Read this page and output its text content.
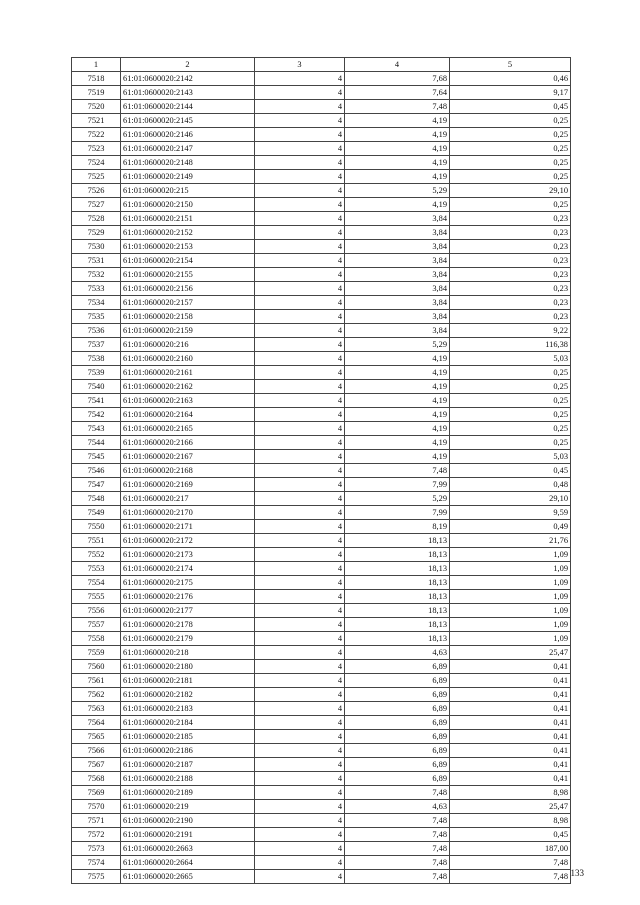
1	2	3	4	5
7518	61:01:0600020:2142	4	7,68	0,46
7519	61:01:0600020:2143	4	7,64	9,17
7520	61:01:0600020:2144	4	7,48	0,45
7521	61:01:0600020:2145	4	4,19	0,25
7522	61:01:0600020:2146	4	4,19	0,25
7523	61:01:0600020:2147	4	4,19	0,25
7524	61:01:0600020:2148	4	4,19	0,25
7525	61:01:0600020:2149	4	4,19	0,25
7526	61:01:0600020:215	4	5,29	29,10
7527	61:01:0600020:2150	4	4,19	0,25
7528	61:01:0600020:2151	4	3,84	0,23
7529	61:01:0600020:2152	4	3,84	0,23
7530	61:01:0600020:2153	4	3,84	0,23
7531	61:01:0600020:2154	4	3,84	0,23
7532	61:01:0600020:2155	4	3,84	0,23
7533	61:01:0600020:2156	4	3,84	0,23
7534	61:01:0600020:2157	4	3,84	0,23
7535	61:01:0600020:2158	4	3,84	0,23
7536	61:01:0600020:2159	4	3,84	9,22
7537	61:01:0600020:216	4	5,29	116,38
7538	61:01:0600020:2160	4	4,19	5,03
7539	61:01:0600020:2161	4	4,19	0,25
7540	61:01:0600020:2162	4	4,19	0,25
7541	61:01:0600020:2163	4	4,19	0,25
7542	61:01:0600020:2164	4	4,19	0,25
7543	61:01:0600020:2165	4	4,19	0,25
7544	61:01:0600020:2166	4	4,19	0,25
7545	61:01:0600020:2167	4	4,19	5,03
7546	61:01:0600020:2168	4	7,48	0,45
7547	61:01:0600020:2169	4	7,99	0,48
7548	61:01:0600020:217	4	5,29	29,10
7549	61:01:0600020:2170	4	7,99	9,59
7550	61:01:0600020:2171	4	8,19	0,49
7551	61:01:0600020:2172	4	18,13	21,76
7552	61:01:0600020:2173	4	18,13	1,09
7553	61:01:0600020:2174	4	18,13	1,09
7554	61:01:0600020:2175	4	18,13	1,09
7555	61:01:0600020:2176	4	18,13	1,09
7556	61:01:0600020:2177	4	18,13	1,09
7557	61:01:0600020:2178	4	18,13	1,09
7558	61:01:0600020:2179	4	18,13	1,09
7559	61:01:0600020:218	4	4,63	25,47
7560	61:01:0600020:2180	4	6,89	0,41
7561	61:01:0600020:2181	4	6,89	0,41
7562	61:01:0600020:2182	4	6,89	0,41
7563	61:01:0600020:2183	4	6,89	0,41
7564	61:01:0600020:2184	4	6,89	0,41
7565	61:01:0600020:2185	4	6,89	0,41
7566	61:01:0600020:2186	4	6,89	0,41
7567	61:01:0600020:2187	4	6,89	0,41
7568	61:01:0600020:2188	4	6,89	0,41
7569	61:01:0600020:2189	4	7,48	8,98
7570	61:01:0600020:219	4	4,63	25,47
7571	61:01:0600020:2190	4	7,48	8,98
7572	61:01:0600020:2191	4	7,48	0,45
7573	61:01:0600020:2663	4	7,48	187,00
7574	61:01:0600020:2664	4	7,48	7,48
7575	61:01:0600020:2665	4	7,48	7,48 133
